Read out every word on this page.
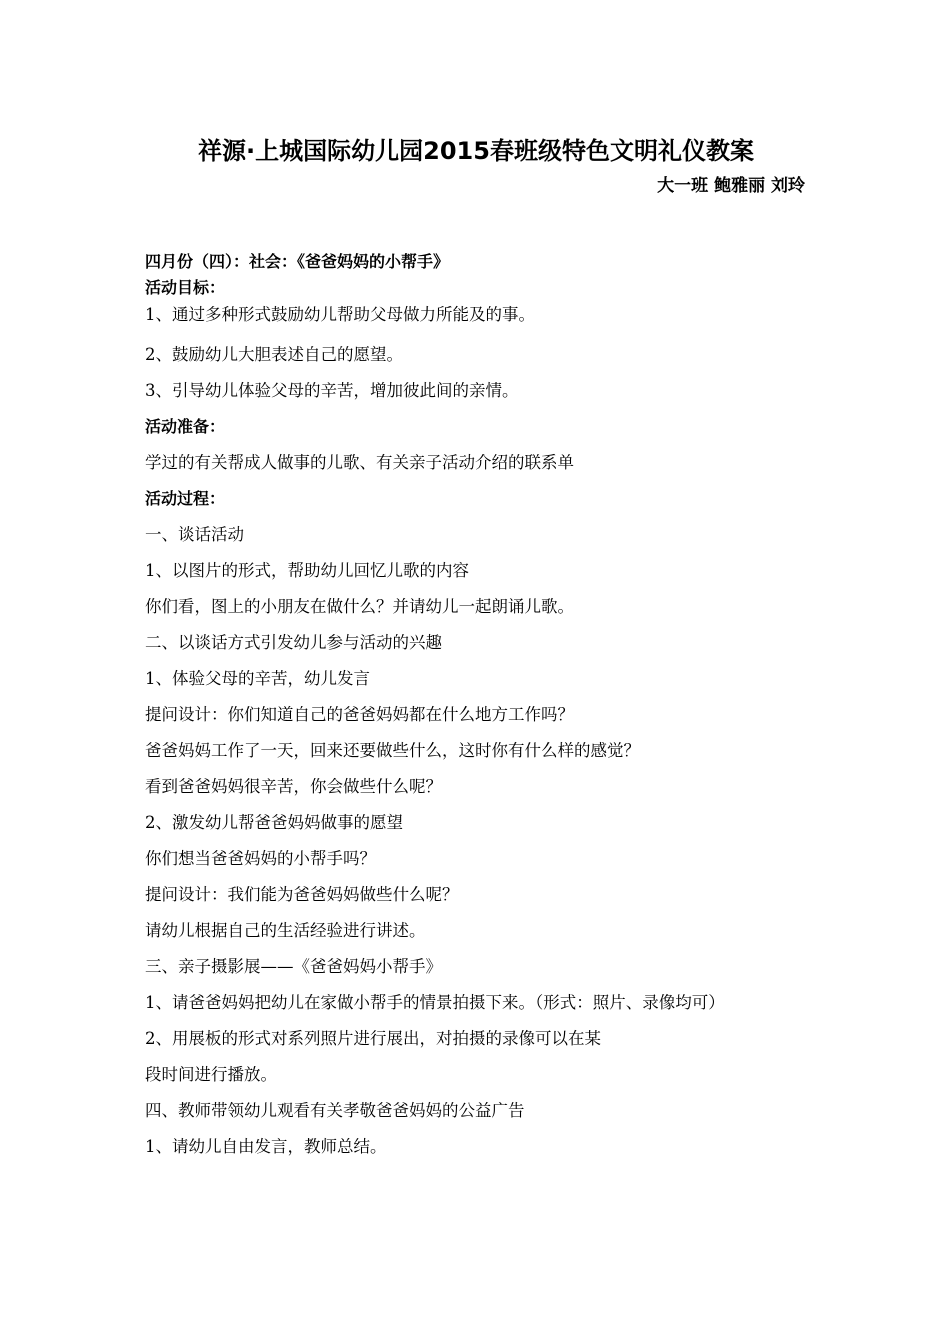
祥源·上城国际幼儿园2015春班级特色文明礼仪教案
大一班 鲍雅丽 刘玲
四月份（四）：社会：《爸爸妈妈的小帮手》
活动目标：
1、通过多种形式鼓励幼儿帮助父母做力所能及的事。
2、鼓励幼儿大胆表述自己的愿望。
3、引导幼儿体验父母的辛苦，增加彼此间的亲情。
活动准备：
学过的有关帮成人做事的儿歌、有关亲子活动介绍的联系单
活动过程：
一、谈话活动
1、以图片的形式，帮助幼儿回忆儿歌的内容
你们看，图上的小朋友在做什么？并请幼儿一起朗诵儿歌。
二、以谈话方式引发幼儿参与活动的兴趣
1、体验父母的辛苦，幼儿发言
提问设计：你们知道自己的爸爸妈妈都在什么地方工作吗？
爸爸妈妈工作了一天，回来还要做些什么，这时你有什么样的感觉？
看到爸爸妈妈很辛苦，你会做些什么呢？
2、激发幼儿帮爸爸妈妈做事的愿望
你们想当爸爸妈妈的小帮手吗？
提问设计：我们能为爸爸妈妈做些什么呢？
请幼儿根据自己的生活经验进行讲述。
三、亲子摄影展——《爸爸妈妈小帮手》
1、请爸爸妈妈把幼儿在家做小帮手的情景拍摄下来。（形式：照片、录像均可）
2、用展板的形式对系列照片进行展出，对拍摄的录像可以在某
段时间进行播放。
四、教师带领幼儿观看有关孝敬爸爸妈妈的公益广告
1、请幼儿自由发言，教师总结。
